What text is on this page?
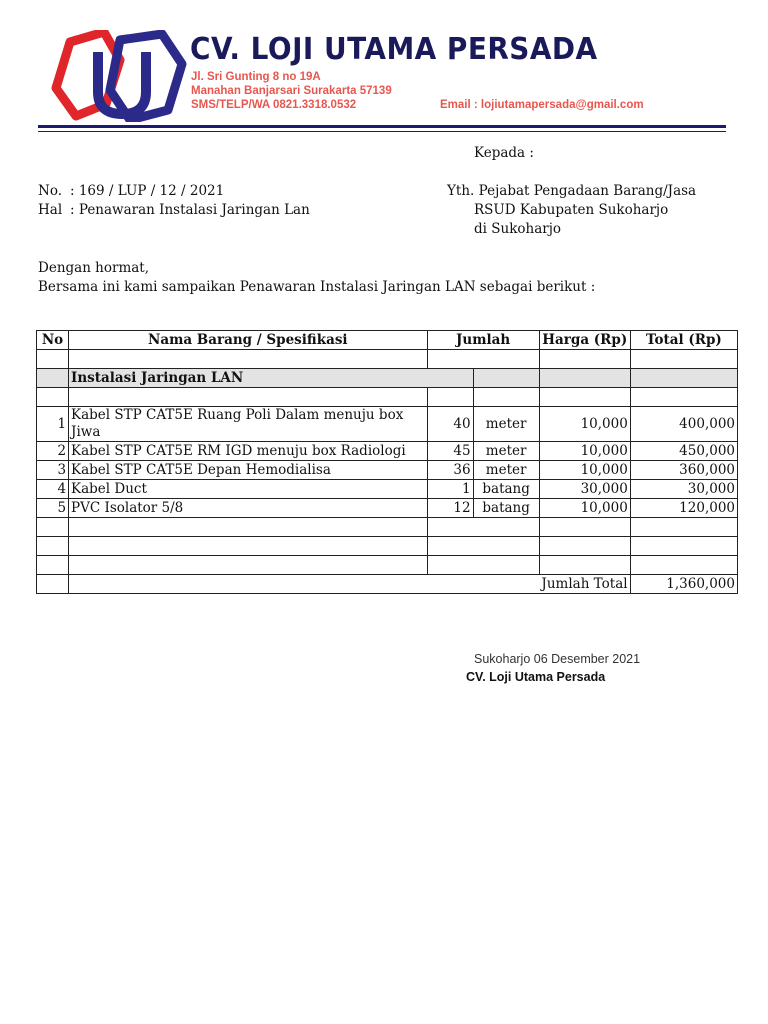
CV. LOJI UTAMA PERSADA
Jl. Sri Gunting 8 no 19A
Manahan Banjarsari Surakarta 57139
SMS/TELP/WA 0821.3318.0532	Email : lojiutamapersada@gmail.com
Kepada :
No. : 169 / LUP / 12 / 2021
Hal : Penawaran Instalasi Jaringan Lan
Yth. Pejabat Pengadaan Barang/Jasa
RSUD Kabupaten Sukoharjo
di Sukoharjo
Dengan hormat,
Bersama ini kami sampaikan Penawaran Instalasi Jaringan LAN sebagai berikut :
No	Nama Barang / Spesifikasi	Jumlah		Harga (Rp)	Total (Rp)

	Instalasi Jaringan LAN				

1	Kabel STP CAT5E Ruang Poli Dalam menuju box Jiwa	40	meter	10,000	400,000
2	Kabel STP CAT5E RM IGD menuju box Radiologi	45	meter	10,000	450,000
3	Kabel STP CAT5E Depan Hemodialisa	36	meter	10,000	360,000
4	Kabel Duct	1	batang	30,000	30,000
5	PVC Isolator 5/8	12	batang	10,000	120,000

				Jumlah Total	1,360,000
Sukoharjo 06 Desember 2021
CV. Loji Utama Persada
